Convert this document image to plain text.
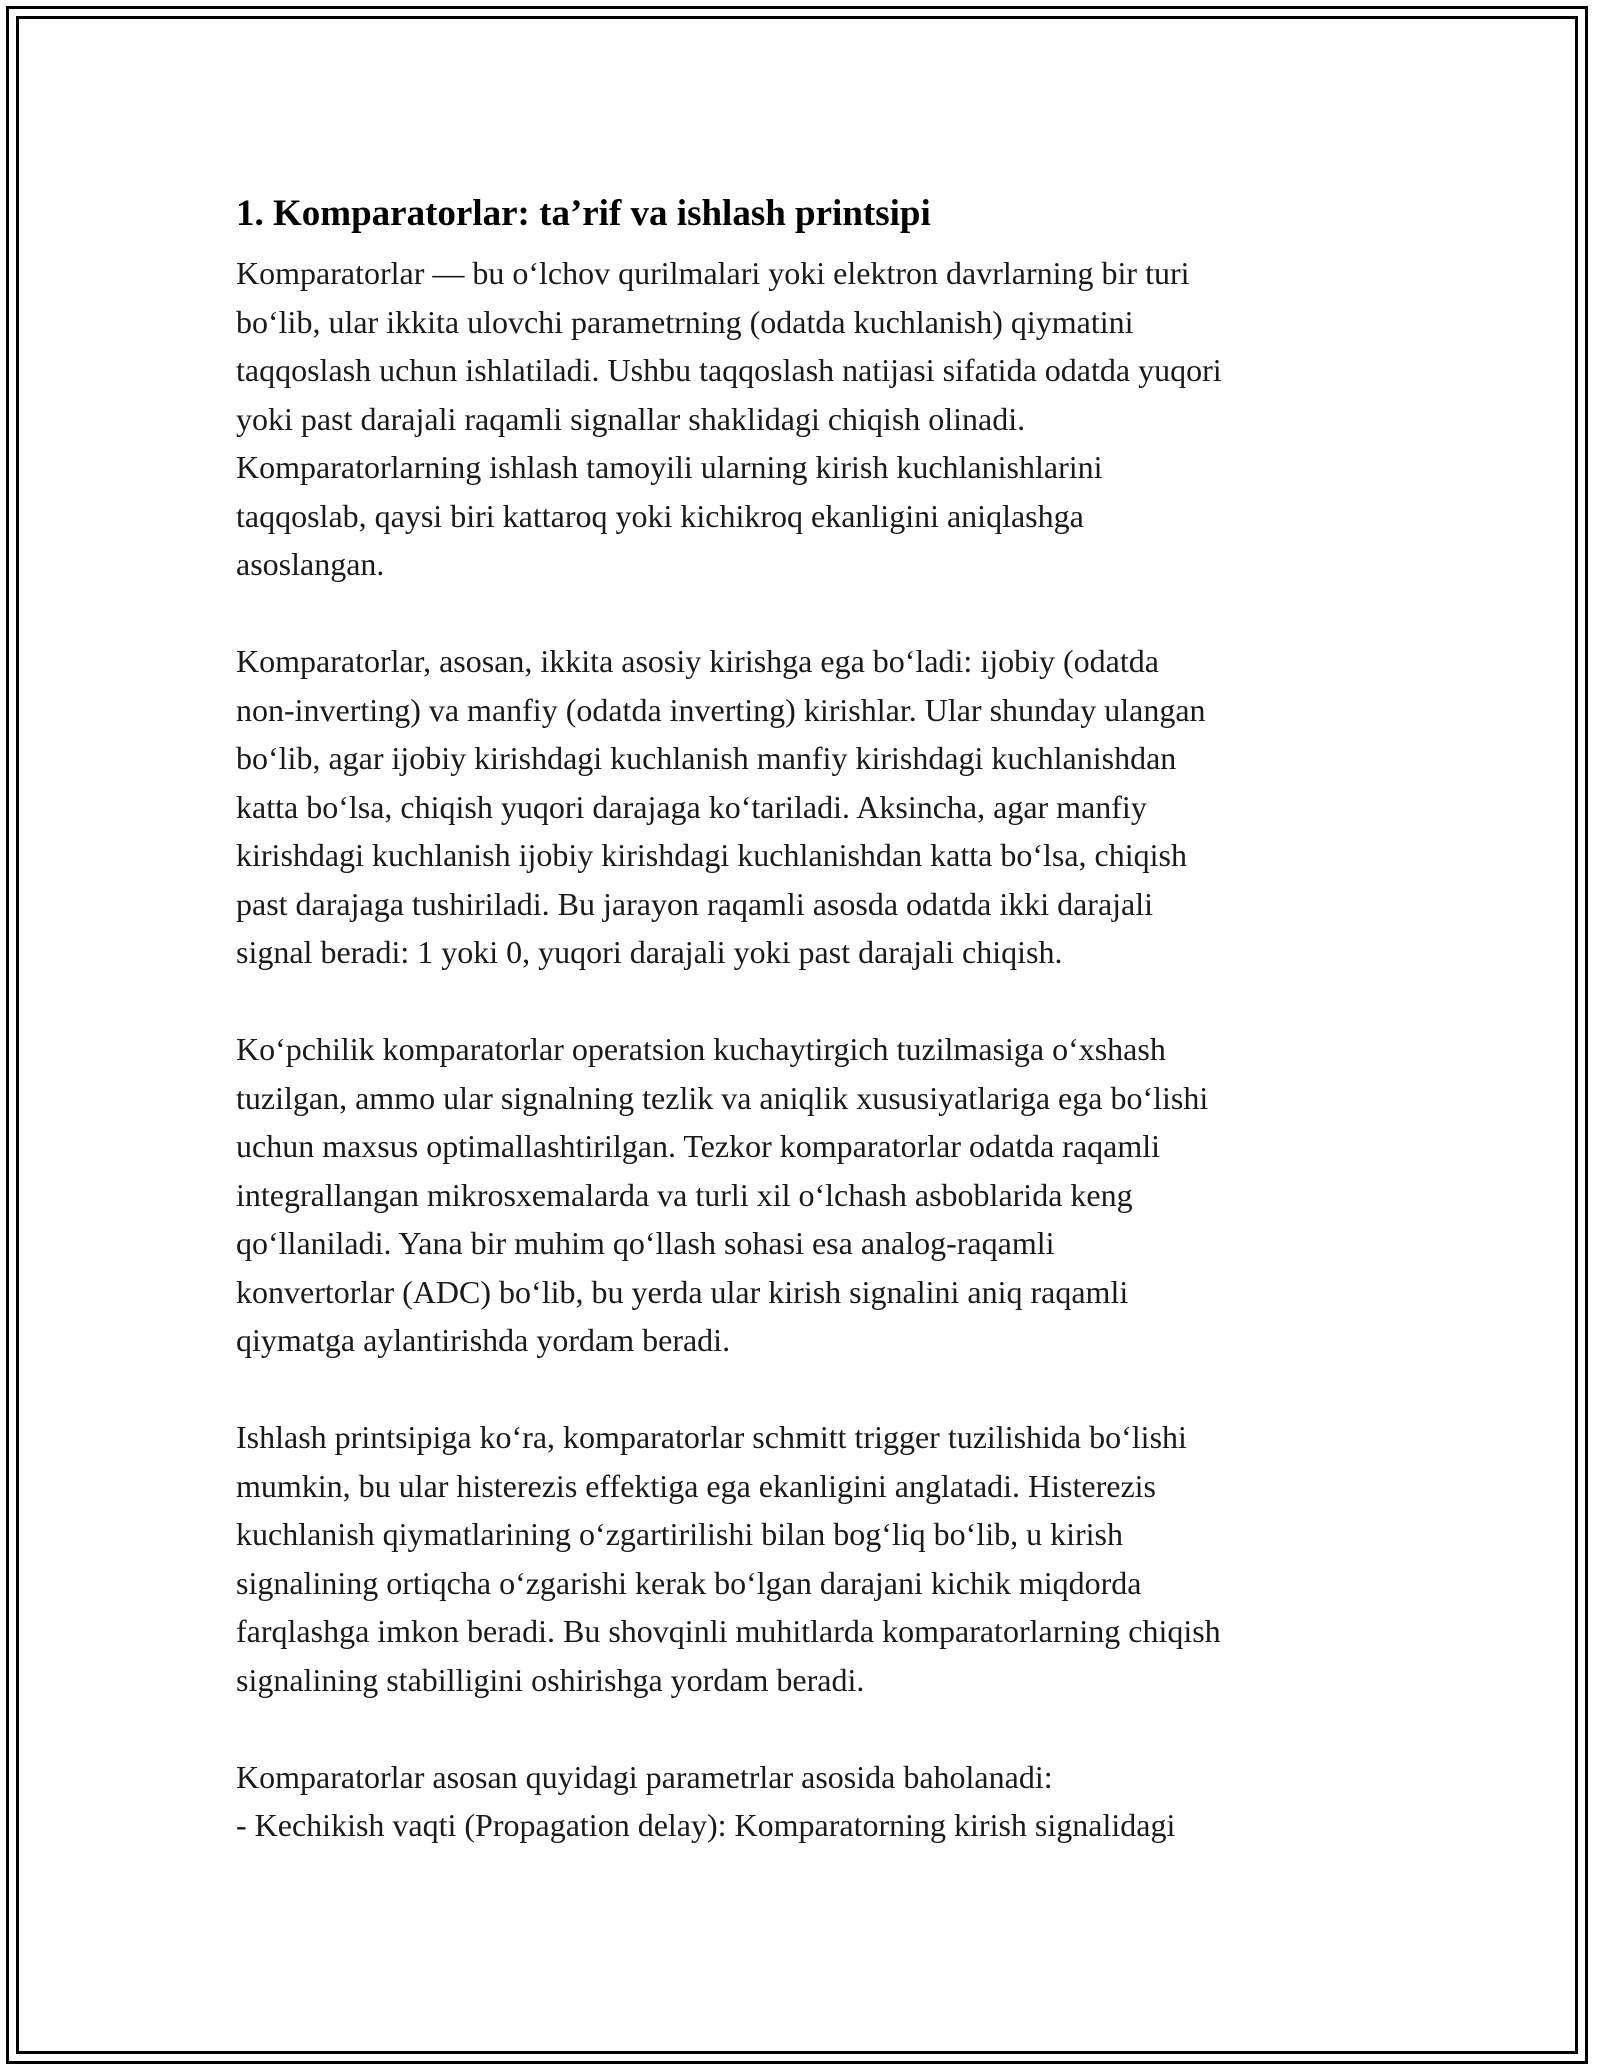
1. Komparatorlar: ta’rif va ishlash printsipi

Komparatorlar — bu o‘lchov qurilmalari yoki elektron davrlarning bir turi
bo‘lib, ular ikkita ulovchi parametrning (odatda kuchlanish) qiymatini
taqqoslash uchun ishlatiladi. Ushbu taqqoslash natijasi sifatida odatda yuqori
yoki past darajali raqamli signallar shaklidagi chiqish olinadi.
Komparatorlarning ishlash tamoyili ularning kirish kuchlanishlarini
taqqoslab, qaysi biri kattaroq yoki kichikroq ekanligini aniqlashga
asoslangan.

Komparatorlar, asosan, ikkita asosiy kirishga ega bo‘ladi: ijobiy (odatda
non-inverting) va manfiy (odatda inverting) kirishlar. Ular shunday ulangan
bo‘lib, agar ijobiy kirishdagi kuchlanish manfiy kirishdagi kuchlanishdan
katta bo‘lsa, chiqish yuqori darajaga ko‘tariladi. Aksincha, agar manfiy
kirishdagi kuchlanish ijobiy kirishdagi kuchlanishdan katta bo‘lsa, chiqish
past darajaga tushiriladi. Bu jarayon raqamli asosda odatda ikki darajali
signal beradi: 1 yoki 0, yuqori darajali yoki past darajali chiqish.

Ko‘pchilik komparatorlar operatsion kuchaytirgich tuzilmasiga o‘xshash
tuzilgan, ammo ular signalning tezlik va aniqlik xususiyatlariga ega bo‘lishi
uchun maxsus optimallashtirilgan. Tezkor komparatorlar odatda raqamli
integrallangan mikrosxemalarda va turli xil o‘lchash asboblarida keng
qo‘llaniladi. Yana bir muhim qo‘llash sohasi esa analog-raqamli
konvertorlar (ADC) bo‘lib, bu yerda ular kirish signalini aniq raqamli
qiymatga aylantirishda yordam beradi.

Ishlash printsipiga ko‘ra, komparatorlar schmitt trigger tuzilishida bo‘lishi
mumkin, bu ular histerezis effektiga ega ekanligini anglatadi. Histerezis
kuchlanish qiymatlarining o‘zgartirilishi bilan bog‘liq bo‘lib, u kirish
signalining ortiqcha o‘zgarishi kerak bo‘lgan darajani kichik miqdorda
farqlashga imkon beradi. Bu shovqinli muhitlarda komparatorlarning chiqish
signalining stabilligini oshirishga yordam beradi.

Komparatorlar asosan quyidagi parametrlar asosida baholanadi:
- Kechikish vaqti (Propagation delay): Komparatorning kirish signalidagi
